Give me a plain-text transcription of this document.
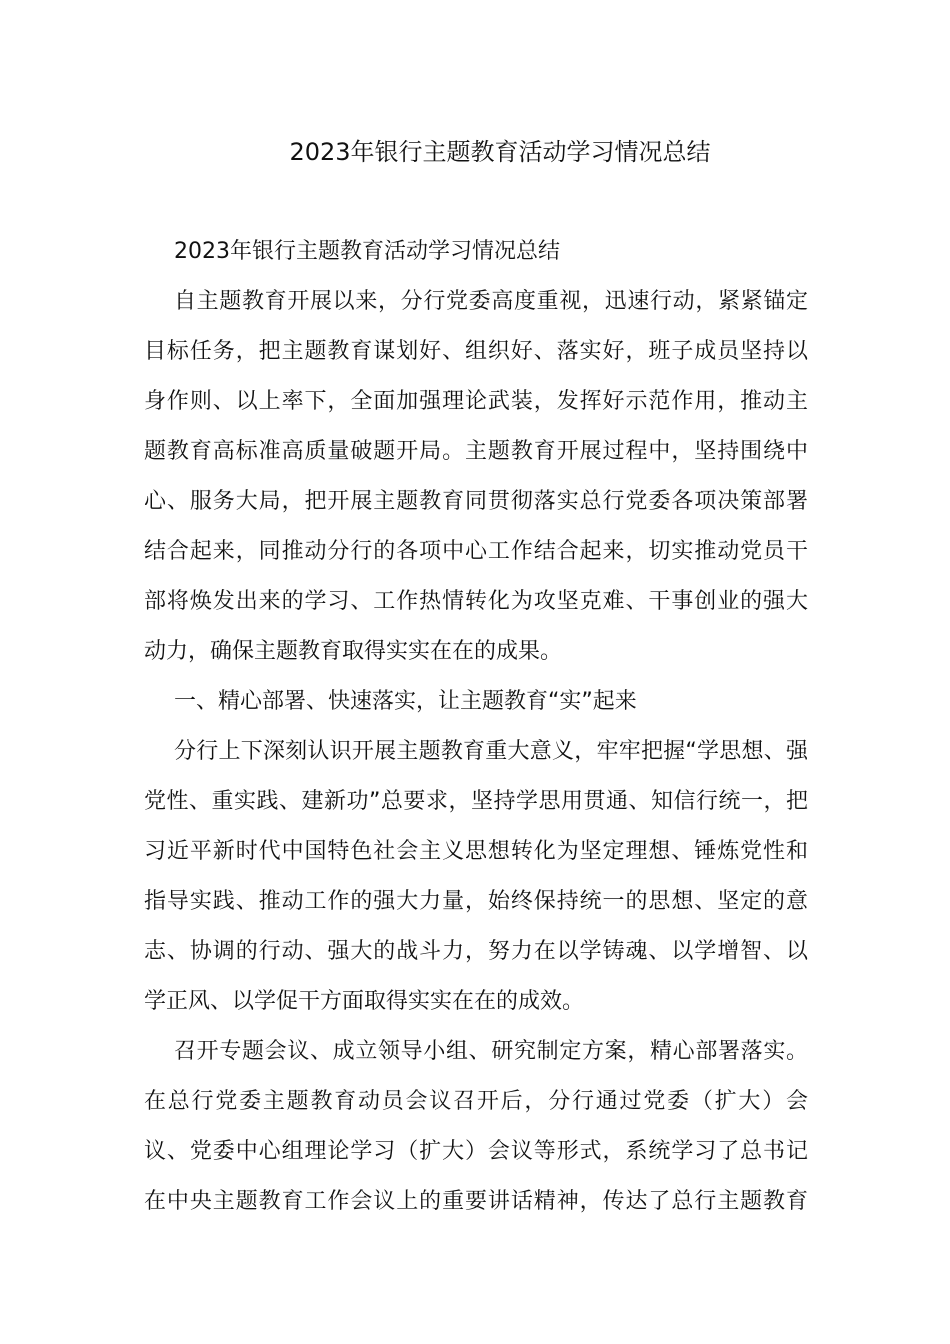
2023年银行主题教育活动学习情况总结
2023年银行主题教育活动学习情况总结
自主题教育开展以来，分行党委高度重视，迅速行动，紧紧锚定
目标任务，把主题教育谋划好、组织好、落实好，班子成员坚持以
身作则、以上率下，全面加强理论武装，发挥好示范作用，推动主
题教育高标准高质量破题开局。主题教育开展过程中，坚持围绕中
心、服务大局，把开展主题教育同贯彻落实总行党委各项决策部署
结合起来，同推动分行的各项中心工作结合起来，切实推动党员干
部将焕发出来的学习、工作热情转化为攻坚克难、干事创业的强大
动力，确保主题教育取得实实在在的成果。
一、精心部署、快速落实，让主题教育“实”起来
分行上下深刻认识开展主题教育重大意义，牢牢把握“学思想、强
党性、重实践、建新功”总要求，坚持学思用贯通、知信行统一，把
习近平新时代中国特色社会主义思想转化为坚定理想、锤炼党性和
指导实践、推动工作的强大力量，始终保持统一的思想、坚定的意
志、协调的行动、强大的战斗力，努力在以学铸魂、以学增智、以
学正风、以学促干方面取得实实在在的成效。
召开专题会议、成立领导小组、研究制定方案，精心部署落实。
在总行党委主题教育动员会议召开后，分行通过党委（扩大）会
议、党委中心组理论学习（扩大）会议等形式，系统学习了总书记
在中央主题教育工作会议上的重要讲话精神，传达了总行主题教育
